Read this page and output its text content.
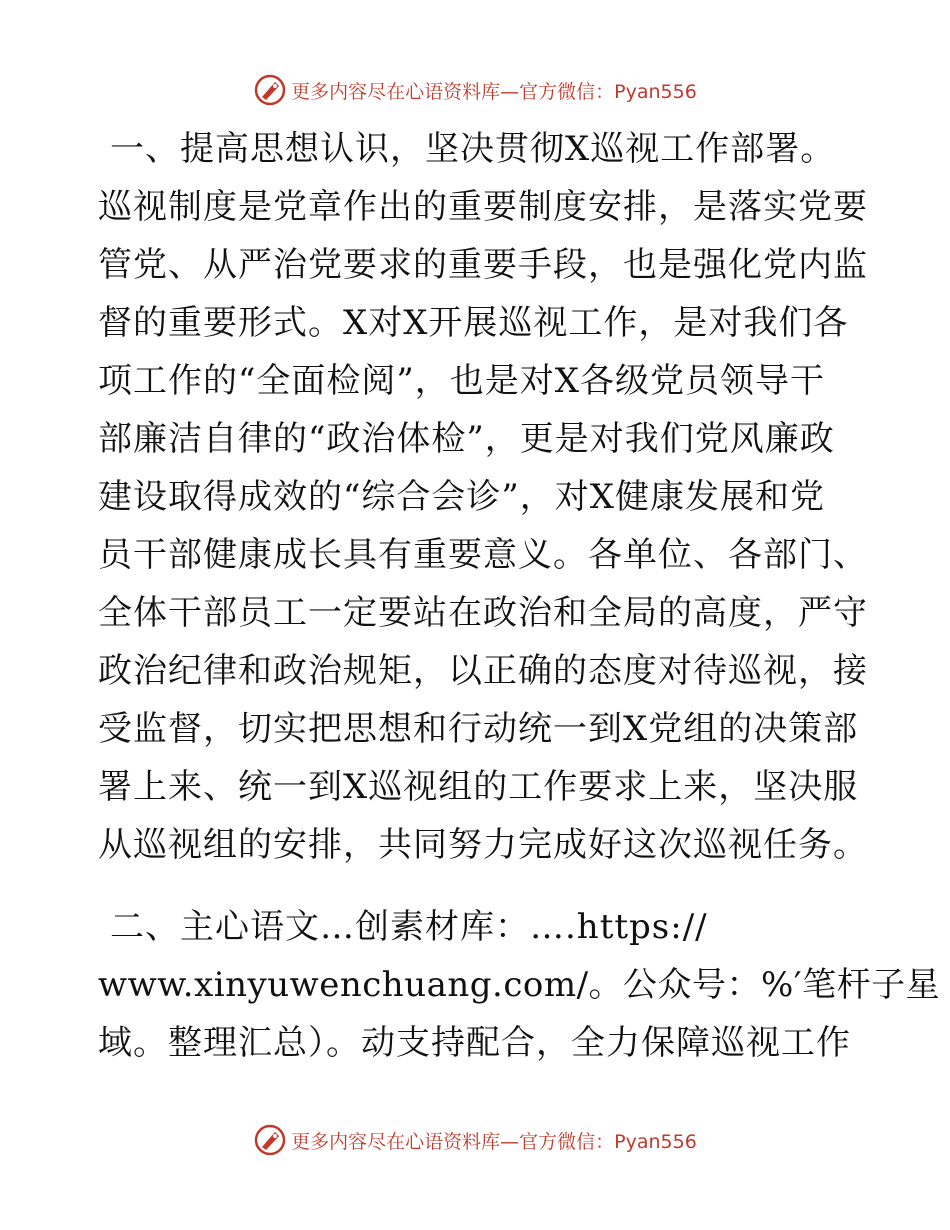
更多内容尽在心语资料库—官方微信：Pyan556
一、提高思想认识，坚决贯彻X巡视工作部署。
巡视制度是党章作出的重要制度安排，是落实党要
管党、从严治党要求的重要手段，也是强化党内监
督的重要形式。X对X开展巡视工作，是对我们各
项工作的“全面检阅”，也是对X各级党员领导干
部廉洁自律的“政治体检”，更是对我们党风廉政
建设取得成效的“综合会诊”，对X健康发展和党
员干部健康成长具有重要意义。各单位、各部门、
全体干部员工一定要站在政治和全局的高度，严守
政治纪律和政治规矩，以正确的态度对待巡视，接
受监督，切实把思想和行动统一到X党组的决策部
署上来、统一到X巡视组的工作要求上来，坚决服
从巡视组的安排，共同努力完成好这次巡视任务。
二、主心语文…创素材库：….https://
www.xinyuwenchuang.com/。公众号：%′笔杆子星
域。整理汇总）。动支持配合，全力保障巡视工作
更多内容尽在心语资料库—官方微信：Pyan556
